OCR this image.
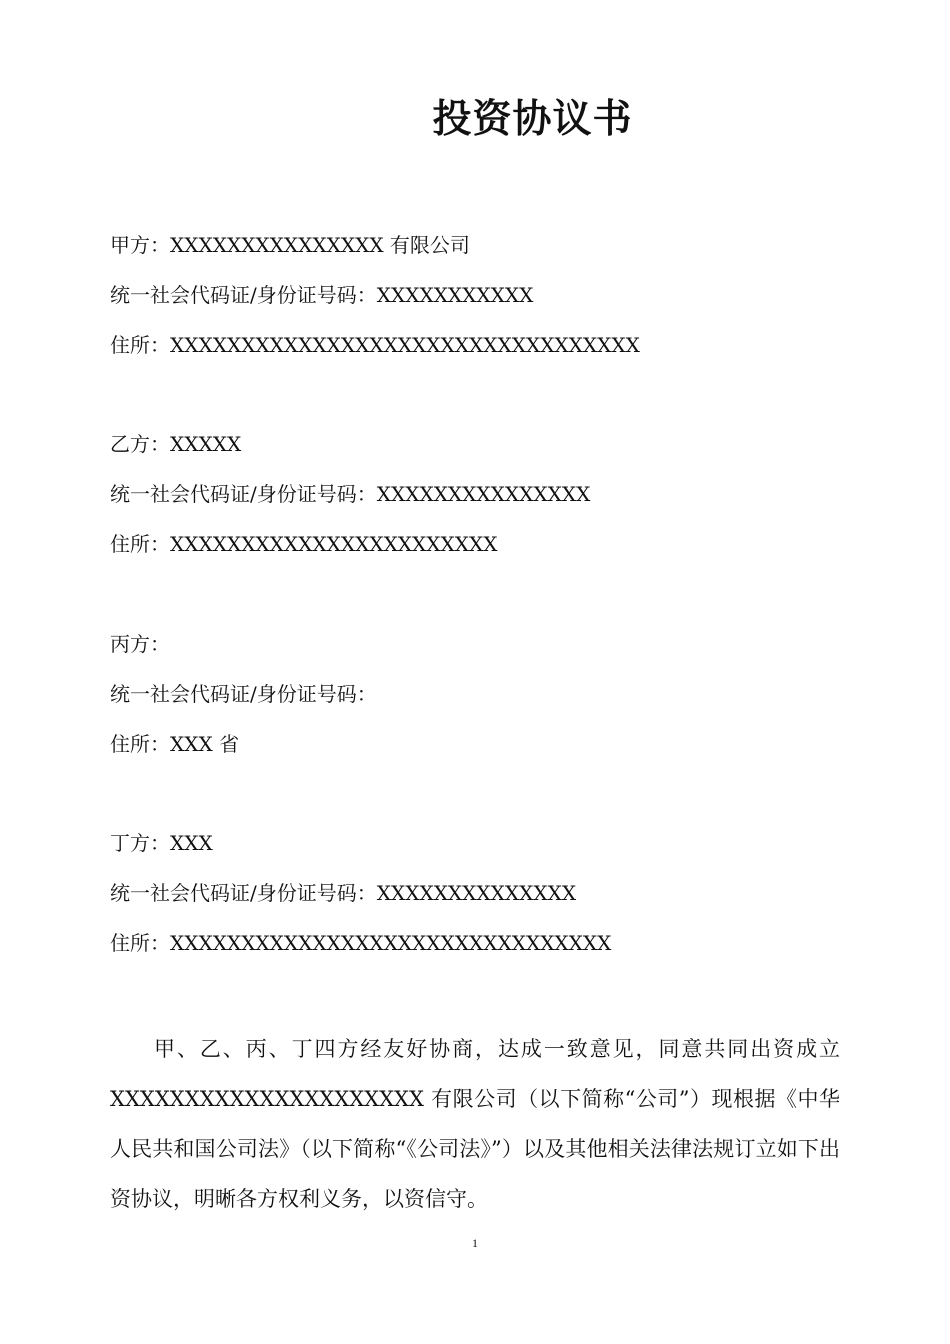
投资协议书
甲方：XXXXXXXXXXXXXXX 有限公司
统一社会代码证/身份证号码：XXXXXXXXXXX
住所：XXXXXXXXXXXXXXXXXXXXXXXXXXXXXXXXX
乙方：XXXXX
统一社会代码证/身份证号码：XXXXXXXXXXXXXXX
住所：XXXXXXXXXXXXXXXXXXXXXXX
丙方：
统一社会代码证/身份证号码：
住所：XXX 省
丁方：XXX
统一社会代码证/身份证号码：XXXXXXXXXXXXXX
住所：XXXXXXXXXXXXXXXXXXXXXXXXXXXXXXX
甲、乙、丙、丁四方经友好协商，达成一致意见，同意共同出资成立XXXXXXXXXXXXXXXXXXXXX 有限公司（以下简称“公司”）现根据《中华人民共和国公司法》（以下简称“《公司法》”）以及其他相关法律法规订立如下出资协议，明晰各方权利义务，以资信守。
1
